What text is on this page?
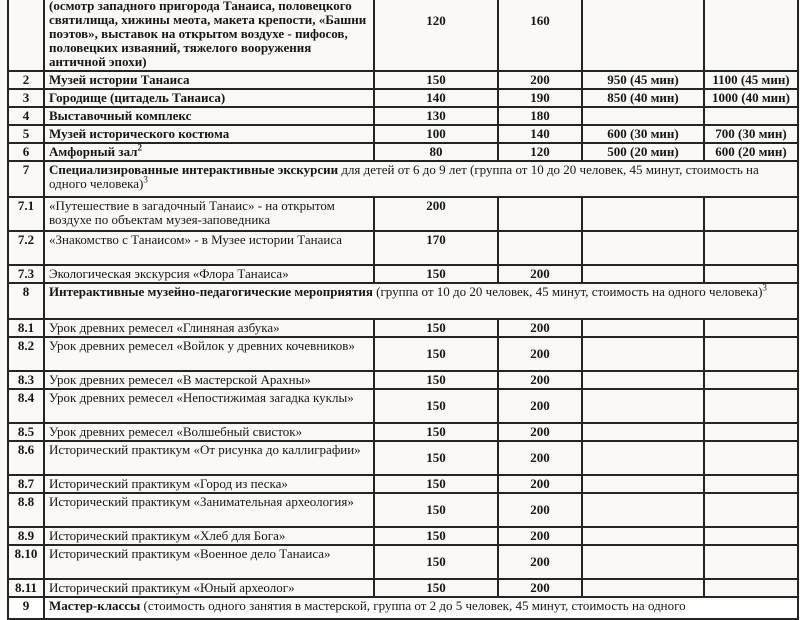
	(осмотр западного пригорода Танаиса, половецкого святилища, хижины меота, макета крепости, «Башни поэтов», выставок на открытом воздухе - пифосов, половецких изваяний, тяжелого вооружения античной эпохи)	120	160		
2	Музей истории Танаиса	150	200	950 (45 мин)	1100 (45 мин)
3	Городище (цитадель Танаиса)	140	190	850 (40 мин)	1000 (40 мин)
4	Выставочный комплекс	130	180		
5	Музей исторического костюма	100	140	600 (30 мин)	700 (30 мин)
6	Амфорный зал$^2$	80	120	500 (20 мин)	600 (20 мин)
7	Специализированные интерактивные экскурсии для детей от 6 до 9 лет (группа от 10 до 20 человек, 45 минут, стоимость на одного человека)$^3$
7.1	«Путешествие в загадочный Танаис» - на открытом воздухе по объектам музея-заповедника	200			
7.2	«Знакомство с Танаисом» - в Музее истории Танаиса	170			
7.3	Экологическая экскурсия «Флора Танаиса»	150	200		
8	Интерактивные музейно-педагогические мероприятия (группа от 10 до 20 человек, 45 минут, стоимость на одного человека)$^3$
8.1	Урок древних ремесел «Глиняная азбука»	150	200		
8.2	Урок древних ремесел «Войлок у древних кочевников»	150	200		
8.3	Урок древних ремесел «В мастерской Арахны»	150	200		
8.4	Урок древних ремесел «Непостижимая загадка куклы»	150	200		
8.5	Урок древних ремесел «Волшебный свисток»	150	200		
8.6	Исторический практикум «От рисунка до каллиграфии»	150	200		
8.7	Исторический практикум «Город из песка»	150	200		
8.8	Исторический практикум «Занимательная археология»	150	200		
8.9	Исторический практикум «Хлеб для Бога»	150	200		
8.10	Исторический практикум «Военное дело Танаиса»	150	200		
8.11	Исторический практикум «Юный археолог»	150	200		
9	Мастер-классы (стоимость одного занятия в мастерской, группа от 2 до 5 человек, 45 минут, стоимость на одного				
